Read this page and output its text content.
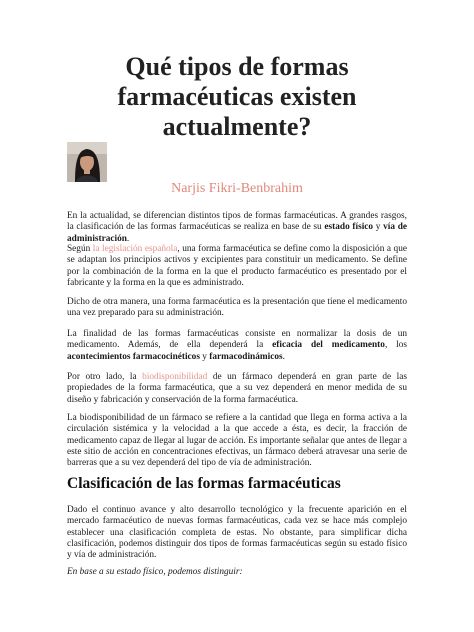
Qué tipos de formas
farmacéuticas existen
actualmente?
Narjis Fikri-Benbrahim

En la actualidad, se diferencian distintos tipos de formas farmacéuticas. A grandes rasgos, la clasificación de las formas farmacéuticas se realiza en base de su estado físico y vía de administración.

Según la legislación española, una forma farmacéutica se define como la disposición a que se adaptan los principios activos y excipientes para constituir un medicamento. Se define por la combinación de la forma en la que el producto farmacéutico es presentado por el fabricante y la forma en la que es administrado.

Dicho de otra manera, una forma farmacéutica es la presentación que tiene el medicamento una vez preparado para su administración.

La finalidad de las formas farmacéuticas consiste en normalizar la dosis de un medicamento. Además, de ella dependerá la eficacia del medicamento, los acontecimientos farmacocinéticos y farmacodinámicos.

Por otro lado, la biodisponibilidad de un fármaco dependerá en gran parte de las propiedades de la forma farmacéutica, que a su vez dependerá en menor medida de su diseño y fabricación y conservación de la forma farmacéutica.

La biodisponibilidad de un fármaco se refiere a la cantidad que llega en forma activa a la circulación sistémica y la velocidad a la que accede a ésta, es decir, la fracción de medicamento capaz de llegar al lugar de acción. Es importante señalar que antes de llegar a este sitio de acción en concentraciones efectivas, un fármaco deberá atravesar una serie de barreras que a su vez dependerá del tipo de vía de administración.

Clasificación de las formas farmacéuticas

Dado el continuo avance y alto desarrollo tecnológico y la frecuente aparición en el mercado farmacéutico de nuevas formas farmacéuticas, cada vez se hace más complejo establecer una clasificación completa de estas. No obstante, para simplificar dicha clasificación, podemos distinguir dos tipos de formas farmacéuticas según su estado físico y vía de administración.

En base a su estado físico, podemos distinguir:
